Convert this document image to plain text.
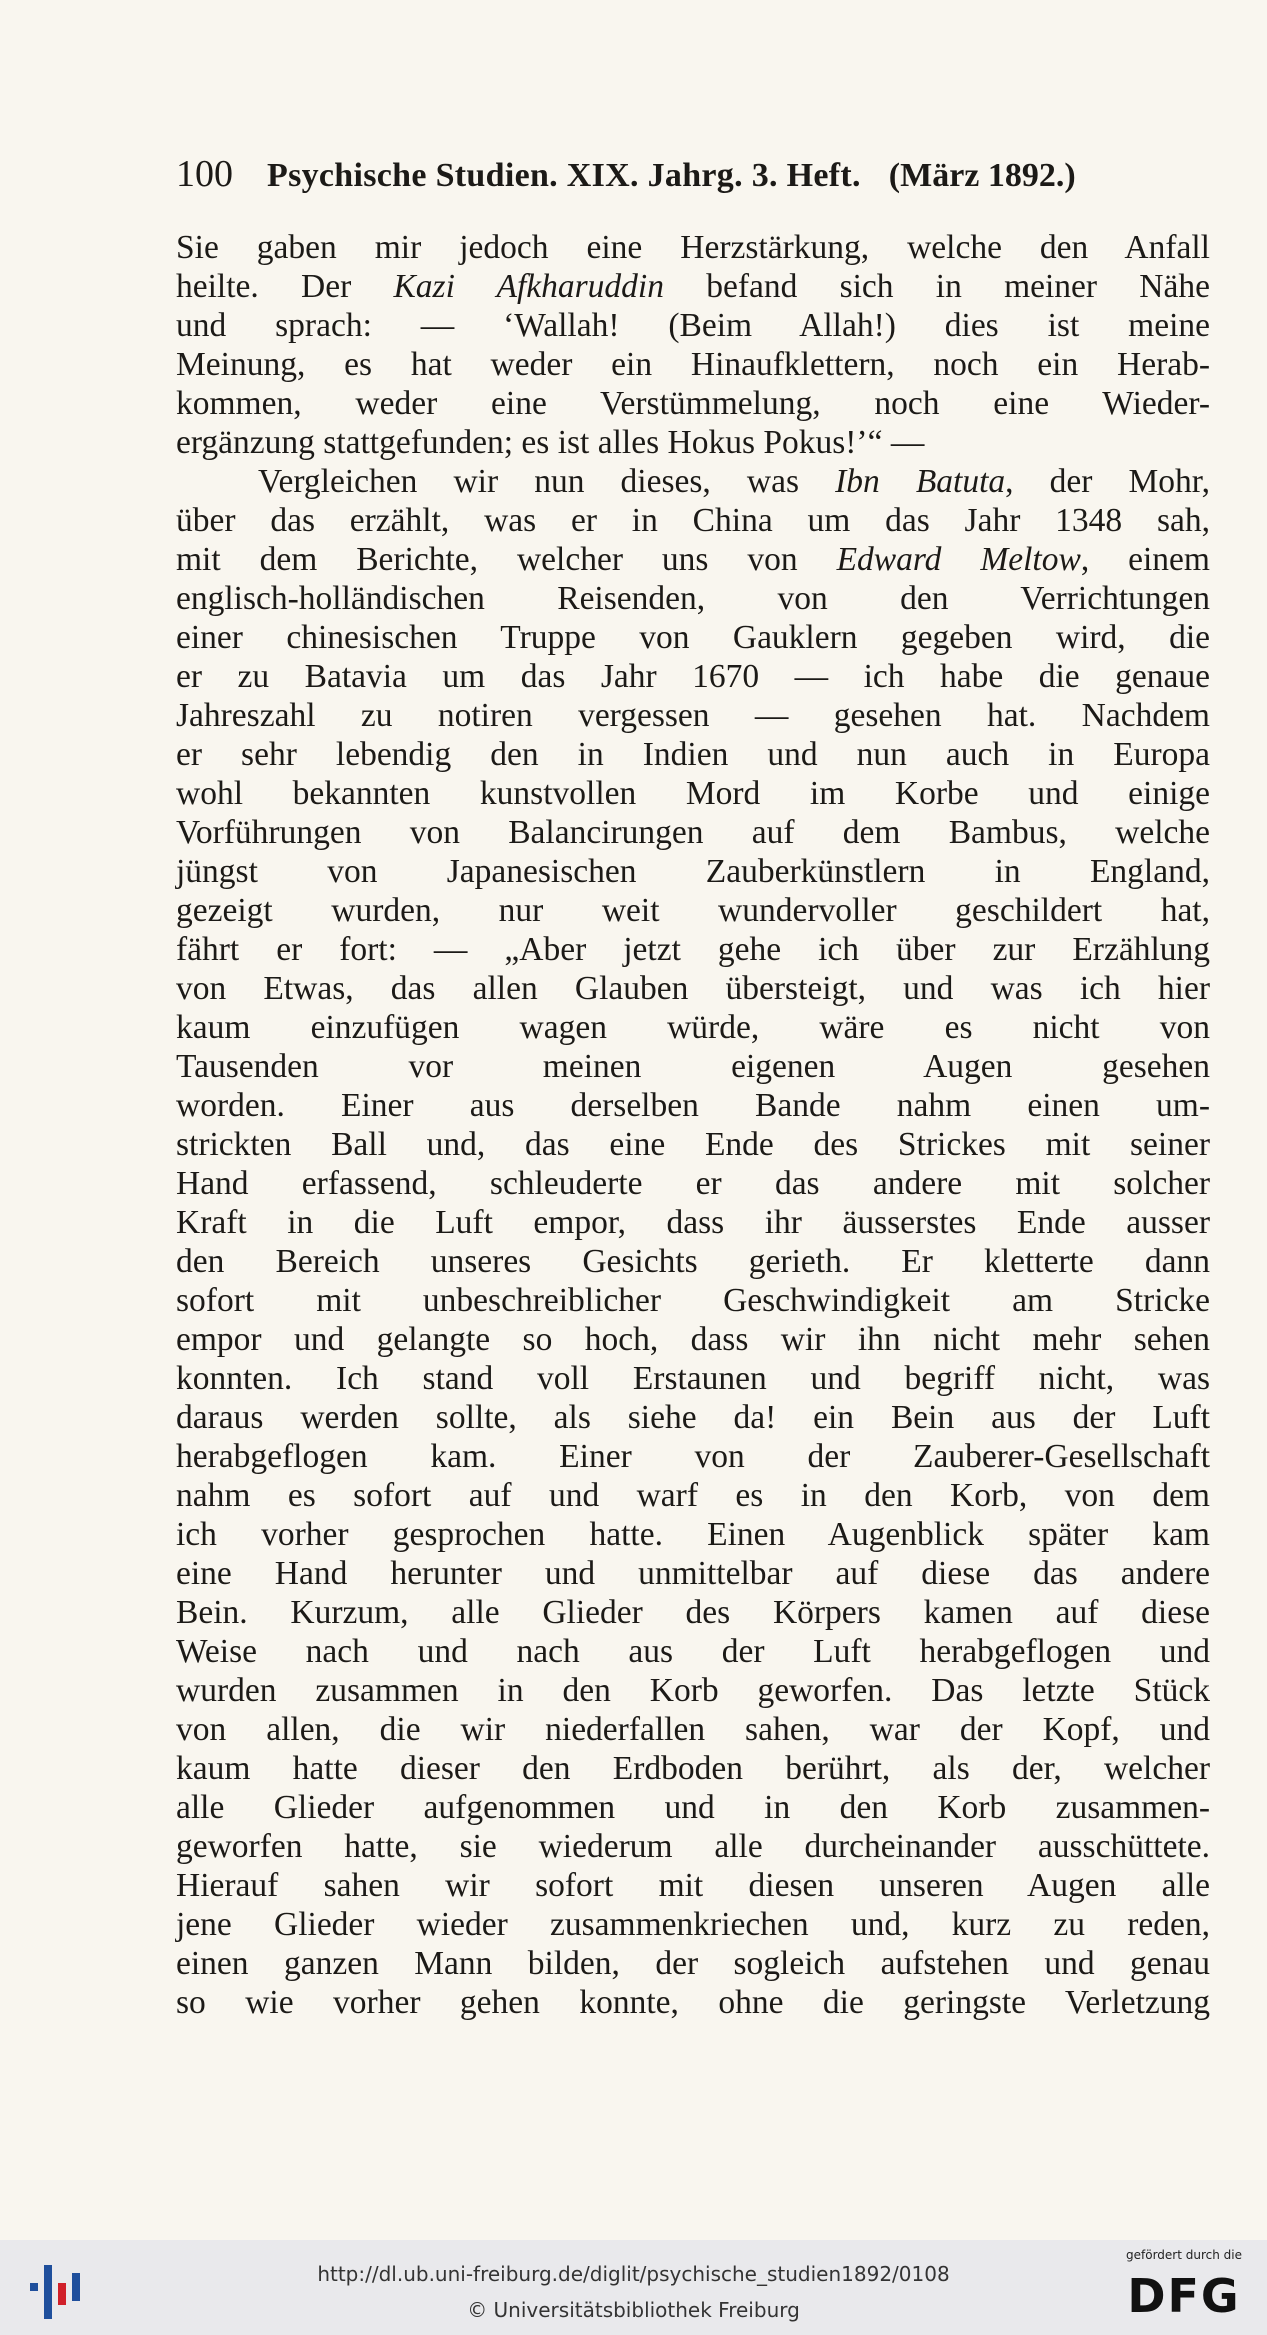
100 Psychische Studien. XIX. Jahrg. 3. Heft. (März 1892.)
Sie gaben mir jedoch eine Herzstärkung, welche den Anfall
heilte. Der Kazi Afkharuddin befand sich in meiner Nähe
und sprach: — ‘Wallah! (Beim Allah!) dies ist meine
Meinung, es hat weder ein Hinaufklettern, noch ein Herab-
kommen, weder eine Verstümmelung, noch eine Wieder-
ergänzung stattgefunden; es ist alles Hokus Pokus!’“ —
Vergleichen wir nun dieses, was Ibn Batuta, der Mohr,
über das erzählt, was er in China um das Jahr 1348 sah,
mit dem Berichte, welcher uns von Edward Meltow, einem
englisch-holländischen Reisenden, von den Verrichtungen
einer chinesischen Truppe von Gauklern gegeben wird, die
er zu Batavia um das Jahr 1670 — ich habe die genaue
Jahreszahl zu notiren vergessen — gesehen hat. Nachdem
er sehr lebendig den in Indien und nun auch in Europa
wohl bekannten kunstvollen Mord im Korbe und einige
Vorführungen von Balancirungen auf dem Bambus, welche
jüngst von Japanesischen Zauberkünstlern in England,
gezeigt wurden, nur weit wundervoller geschildert hat,
fährt er fort: — „Aber jetzt gehe ich über zur Erzählung
von Etwas, das allen Glauben übersteigt, und was ich hier
kaum einzufügen wagen würde, wäre es nicht von
Tausenden vor meinen eigenen Augen gesehen
worden. Einer aus derselben Bande nahm einen um-
strickten Ball und, das eine Ende des Strickes mit seiner
Hand erfassend, schleuderte er das andere mit solcher
Kraft in die Luft empor, dass ihr äusserstes Ende ausser
den Bereich unseres Gesichts gerieth. Er kletterte dann
sofort mit unbeschreiblicher Geschwindigkeit am Stricke
empor und gelangte so hoch, dass wir ihn nicht mehr sehen
konnten. Ich stand voll Erstaunen und begriff nicht, was
daraus werden sollte, als siehe da! ein Bein aus der Luft
herabgeflogen kam. Einer von der Zauberer-Gesellschaft
nahm es sofort auf und warf es in den Korb, von dem
ich vorher gesprochen hatte. Einen Augenblick später kam
eine Hand herunter und unmittelbar auf diese das andere
Bein. Kurzum, alle Glieder des Körpers kamen auf diese
Weise nach und nach aus der Luft herabgeflogen und
wurden zusammen in den Korb geworfen. Das letzte Stück
von allen, die wir niederfallen sahen, war der Kopf, und
kaum hatte dieser den Erdboden berührt, als der, welcher
alle Glieder aufgenommen und in den Korb zusammen-
geworfen hatte, sie wiederum alle durcheinander ausschüttete.
Hierauf sahen wir sofort mit diesen unseren Augen alle
jene Glieder wieder zusammenkriechen und, kurz zu reden,
einen ganzen Mann bilden, der sogleich aufstehen und genau
so wie vorher gehen konnte, ohne die geringste Verletzung
http://dl.ub.uni-freiburg.de/diglit/psychische_studien1892/0108
© Universitätsbibliothek Freiburg
gefördert durch die
DFG
